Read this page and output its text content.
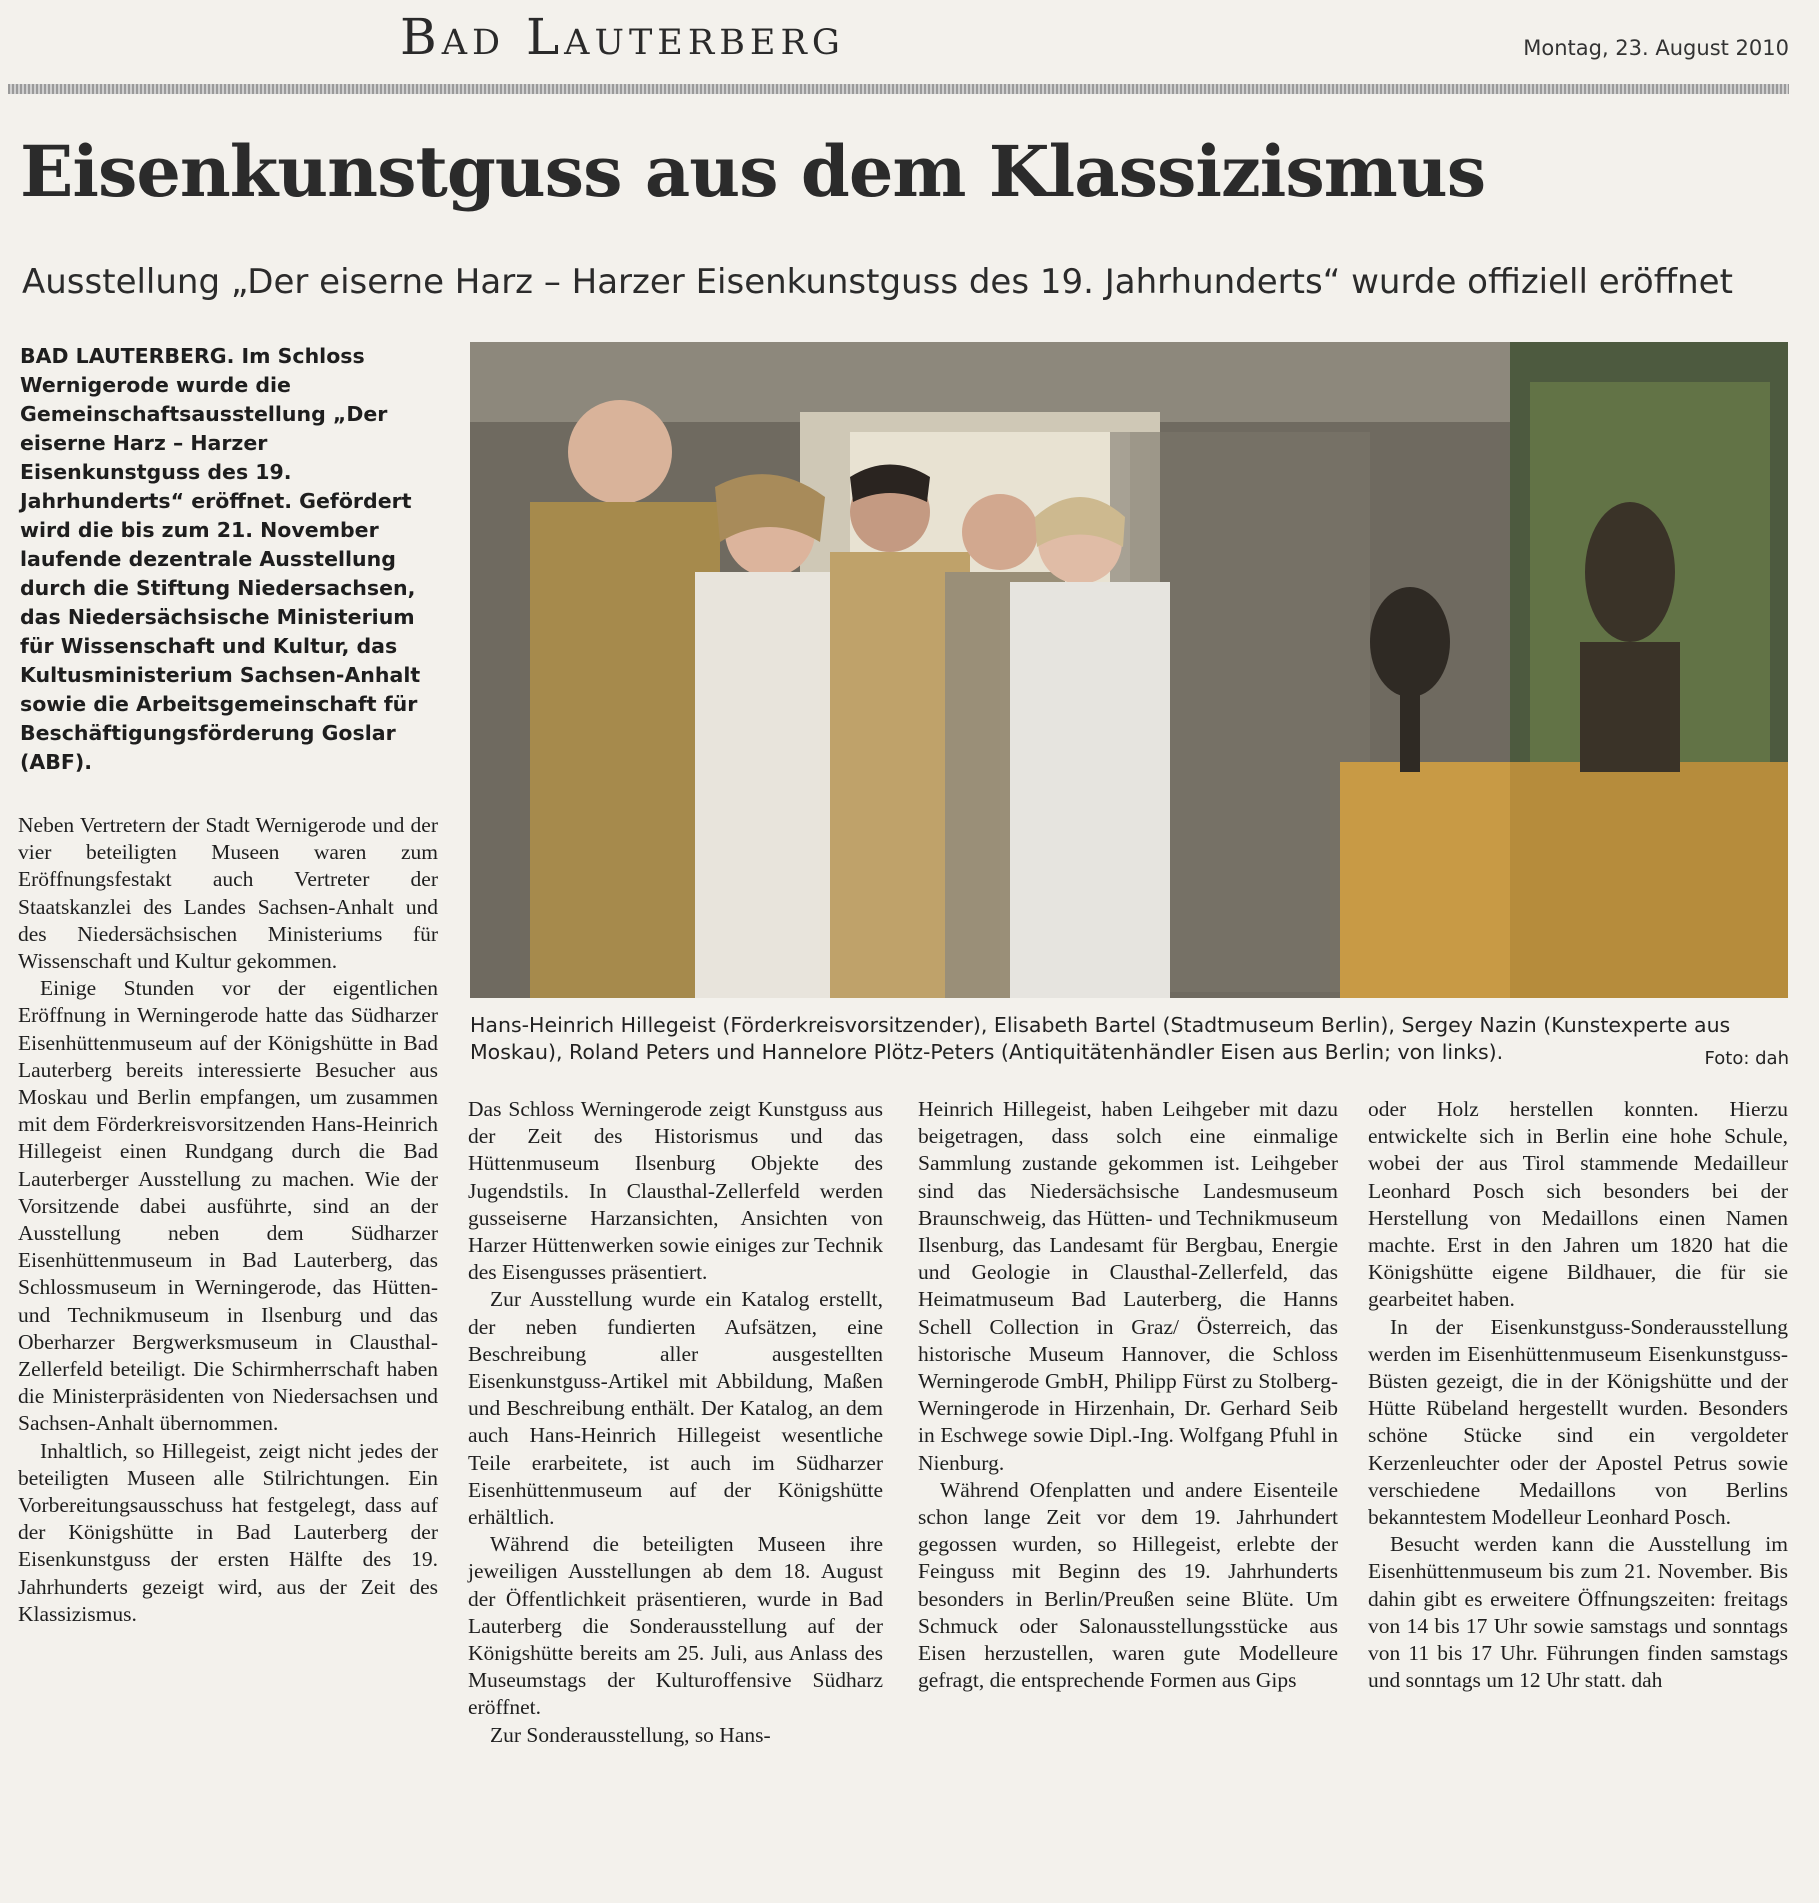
Bad Lauterberg	Montag, 23. August 2010
Eisenkunstguss aus dem Klassizismus
Ausstellung „Der eiserne Harz – Harzer Eisenkunstguss des 19. Jahrhunderts“ wurde offiziell eröffnet
BAD LAUTERBERG. Im Schloss Wernigerode wurde die Gemeinschaftsausstellung „Der eiserne Harz – Harzer Eisenkunstguss des 19. Jahrhunderts“ eröffnet. Gefördert wird die bis zum 21. November laufende dezentrale Ausstellung durch die Stiftung Niedersachsen, das Niedersächsische Ministerium für Wissenschaft und Kultur, das Kultusministerium Sachsen-Anhalt sowie die Arbeitsgemeinschaft für Beschäftigungsförderung Goslar (ABF).
Hans-Heinrich Hillegeist (Förderkreisvorsitzender), Elisabeth Bartel (Stadtmuseum Berlin), Sergey Nazin (Kunstexperte aus Moskau), Roland Peters und Hannelore Plötz-Peters (Antiquitätenhändler Eisen aus Berlin; von links).	Foto: dah

Neben Vertretern der Stadt Wernigerode und der vier beteiligten Museen waren zum Eröffnungsfestakt auch Vertreter der Staatskanzlei des Landes Sachsen-Anhalt und des Niedersächsischen Ministeriums für Wissenschaft und Kultur gekommen.

Einige Stunden vor der eigentlichen Eröffnung in Werningerode hatte das Südharzer Eisenhüttenmuseum auf der Königshütte in Bad Lauterberg bereits interessierte Besucher aus Moskau und Berlin empfangen, um zusammen mit dem Förderkreisvorsitzenden Hans-Heinrich Hillegeist einen Rundgang durch die Bad Lauterberger Ausstellung zu machen. Wie der Vorsitzende dabei ausführte, sind an der Ausstellung neben dem Südharzer Eisenhüttenmuseum in Bad Lauterberg, das Schlossmuseum in Werningerode, das Hütten- und Technikmuseum in Ilsenburg und das Oberharzer Bergwerksmuseum in Clausthal-Zellerfeld beteiligt. Die Schirmherrschaft haben die Ministerpräsidenten von Niedersachsen und Sachsen-Anhalt übernommen.

Inhaltlich, so Hillegeist, zeigt nicht jedes der beteiligten Museen alle Stilrichtungen. Ein Vorbereitungsausschuss hat festgelegt, dass auf der Königshütte in Bad Lauterberg der Eisenkunstguss der ersten Hälfte des 19. Jahrhunderts gezeigt wird, aus der Zeit des Klassizismus.

Das Schloss Werningerode zeigt Kunstguss aus der Zeit des Historismus und das Hüttenmuseum Ilsenburg Objekte des Jugendstils. In Clausthal-Zellerfeld werden gusseiserne Harzansichten, Ansichten von Harzer Hüttenwerken sowie einiges zur Technik des Eisengusses präsentiert.

Zur Ausstellung wurde ein Katalog erstellt, der neben fundierten Aufsätzen, eine Beschreibung aller ausgestellten Eisenkunstguss-Artikel mit Abbildung, Maßen und Beschreibung enthält. Der Katalog, an dem auch Hans-Heinrich Hillegeist wesentliche Teile erarbeitete, ist auch im Südharzer Eisenhüttenmuseum auf der Königshütte erhältlich.

Während die beteiligten Museen ihre jeweiligen Ausstellungen ab dem 18. August der Öffentlichkeit präsentieren, wurde in Bad Lauterberg die Sonderausstellung auf der Königshütte bereits am 25. Juli, aus Anlass des Museumstags der Kulturoffensive Südharz eröffnet.

Zur Sonderausstellung, so Hans-

Heinrich Hillegeist, haben Leihgeber mit dazu beigetragen, dass solch eine einmalige Sammlung zustande gekommen ist. Leihgeber sind das Niedersächsische Landesmuseum Braunschweig, das Hütten- und Technikmuseum Ilsenburg, das Landesamt für Bergbau, Energie und Geologie in Clausthal-Zellerfeld, das Heimatmuseum Bad Lauterberg, die Hanns Schell Collection in Graz/ Österreich, das historische Museum Hannover, die Schloss Werningerode GmbH, Philipp Fürst zu Stolberg-Werningerode in Hirzenhain, Dr. Gerhard Seib in Eschwege sowie Dipl.-Ing. Wolfgang Pfuhl in Nienburg.

Während Ofenplatten und andere Eisenteile schon lange Zeit vor dem 19. Jahrhundert gegossen wurden, so Hillegeist, erlebte der Feinguss mit Beginn des 19. Jahrhunderts besonders in Berlin/Preußen seine Blüte. Um Schmuck oder Salonausstellungsstücke aus Eisen herzustellen, waren gute Modelleure gefragt, die entsprechende Formen aus Gips

oder Holz herstellen konnten. Hierzu entwickelte sich in Berlin eine hohe Schule, wobei der aus Tirol stammende Medailleur Leonhard Posch sich besonders bei der Herstellung von Medaillons einen Namen machte. Erst in den Jahren um 1820 hat die Königshütte eigene Bildhauer, die für sie gearbeitet haben.

In der Eisenkunstguss-Sonderausstellung werden im Eisenhüttenmuseum Eisenkunstguss-Büsten gezeigt, die in der Königshütte und der Hütte Rübeland hergestellt wurden. Besonders schöne Stücke sind ein vergoldeter Kerzenleuchter oder der Apostel Petrus sowie verschiedene Medaillons von Berlins bekanntestem Modelleur Leonhard Posch.

Besucht werden kann die Ausstellung im Eisenhüttenmuseum bis zum 21. November. Bis dahin gibt es erweitere Öffnungszeiten: freitags von 14 bis 17 Uhr sowie samstags und sonntags von 11 bis 17 Uhr. Führungen finden samstags und sonntags um 12 Uhr statt. dah
